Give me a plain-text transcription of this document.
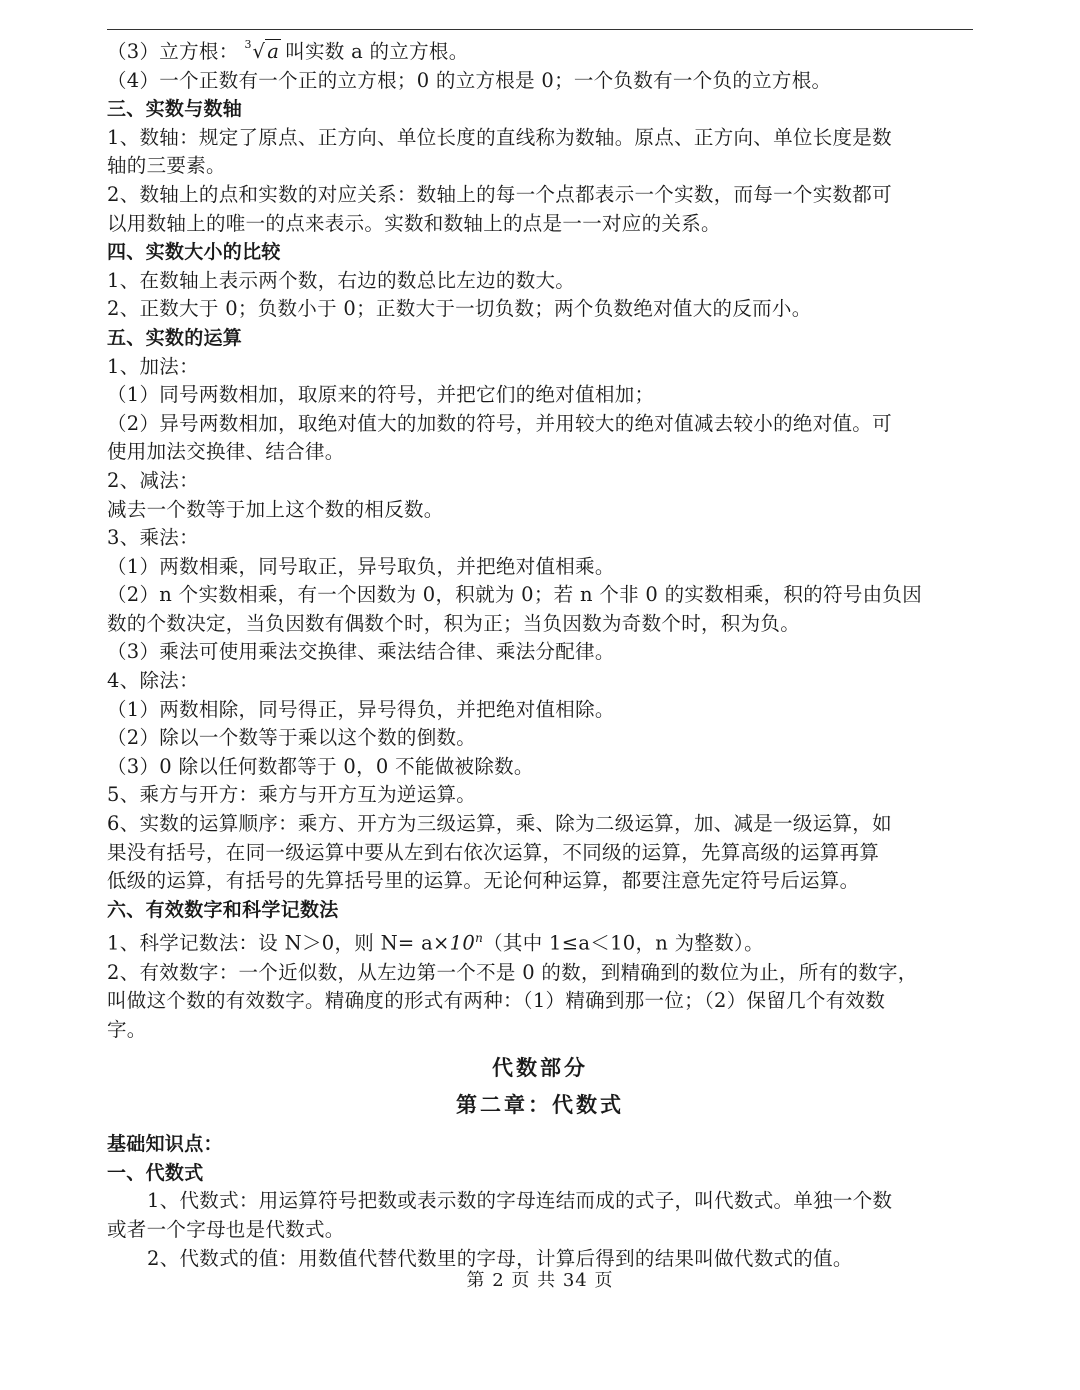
（3）立方根： 3 √ a 叫实数 a 的立方根。
（4）一个正数有一个正的立方根；0 的立方根是 0；一个负数有一个负的立方根。
三、实数与数轴
1、数轴：规定了原点、正方向、单位长度的直线称为数轴。原点、正方向、单位长度是数
轴的三要素。
2、数轴上的点和实数的对应关系：数轴上的每一个点都表示一个实数，而每一个实数都可
以用数轴上的唯一的点来表示。实数和数轴上的点是一一对应的关系。
四、实数大小的比较
1、在数轴上表示两个数，右边的数总比左边的数大。
2、正数大于 0；负数小于 0；正数大于一切负数；两个负数绝对值大的反而小。
五、实数的运算
1、加法：
（1）同号两数相加，取原来的符号，并把它们的绝对值相加；
（2）异号两数相加，取绝对值大的加数的符号，并用较大的绝对值减去较小的绝对值。可
使用加法交换律、结合律。
2、减法：
减去一个数等于加上这个数的相反数。
3、乘法：
（1）两数相乘，同号取正，异号取负，并把绝对值相乘。
（2）n 个实数相乘，有一个因数为 0，积就为 0；若 n 个非 0 的实数相乘，积的符号由负因
数的个数决定，当负因数有偶数个时，积为正；当负因数为奇数个时，积为负。
（3）乘法可使用乘法交换律、乘法结合律、乘法分配律。
4、除法：
（1）两数相除，同号得正，异号得负，并把绝对值相除。
（2）除以一个数等于乘以这个数的倒数。
（3）0 除以任何数都等于 0，0 不能做被除数。
5、乘方与开方：乘方与开方互为逆运算。
6、实数的运算顺序：乘方、开方为三级运算，乘、除为二级运算，加、减是一级运算，如
果没有括号，在同一级运算中要从左到右依次运算，不同级的运算，先算高级的运算再算
低级的运算，有括号的先算括号里的运算。无论何种运算，都要注意先定符号后运算。
六、有效数字和科学记数法
1、科学记数法：设 N＞0，则 $N= a\times 10^n$（其中 1≤a＜10，n 为整数）。
2、有效数字：一个近似数，从左边第一个不是 0 的数，到精确到的数位为止，所有的数字，
叫做这个数的有效数字。精确度的形式有两种：（1）精确到那一位；（2）保留几个有效数
字。
代数部分
第二章：代数式
基础知识点：
一、代数式
1、代数式：用运算符号把数或表示数的字母连结而成的式子，叫代数式。单独一个数
或者一个字母也是代数式。
2、代数式的值：用数值代替代数里的字母，计算后得到的结果叫做代数式的值。
第 2 页 共 34 页
